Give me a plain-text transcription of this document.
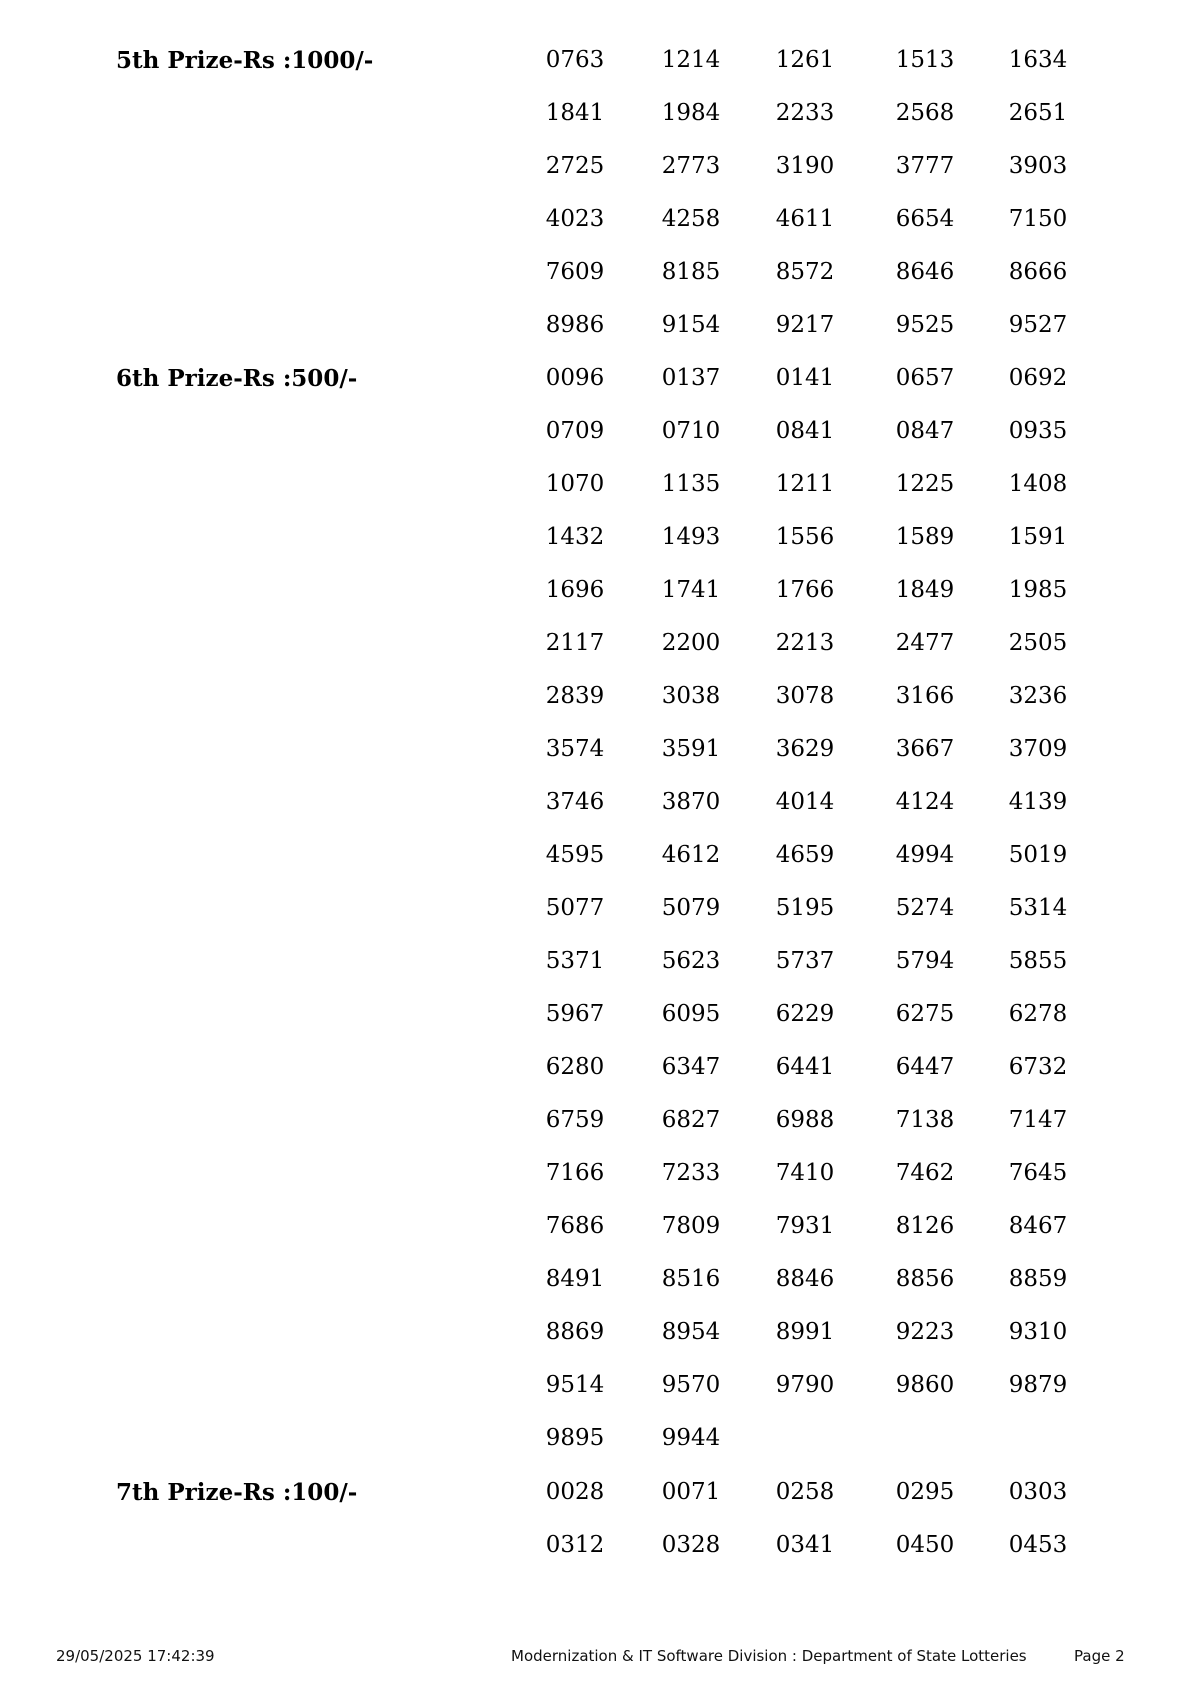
5th Prize-Rs :1000/-	0763	1214	1261	1513	1634
1841	1984	2233	2568	2651
2725	2773	3190	3777	3903
4023	4258	4611	6654	7150
7609	8185	8572	8646	8666
8986	9154	9217	9525	9527
6th Prize-Rs :500/-	0096	0137	0141	0657	0692
0709	0710	0841	0847	0935
1070	1135	1211	1225	1408
1432	1493	1556	1589	1591
1696	1741	1766	1849	1985
2117	2200	2213	2477	2505
2839	3038	3078	3166	3236
3574	3591	3629	3667	3709
3746	3870	4014	4124	4139
4595	4612	4659	4994	5019
5077	5079	5195	5274	5314
5371	5623	5737	5794	5855
5967	6095	6229	6275	6278
6280	6347	6441	6447	6732
6759	6827	6988	7138	7147
7166	7233	7410	7462	7645
7686	7809	7931	8126	8467
8491	8516	8846	8856	8859
8869	8954	8991	9223	9310
9514	9570	9790	9860	9879
9895	9944
7th Prize-Rs :100/-	0028	0071	0258	0295	0303
0312	0328	0341	0450	0453
29/05/2025 17:42:39	Modernization & IT Software Division : Department of State Lotteries	Page 2
